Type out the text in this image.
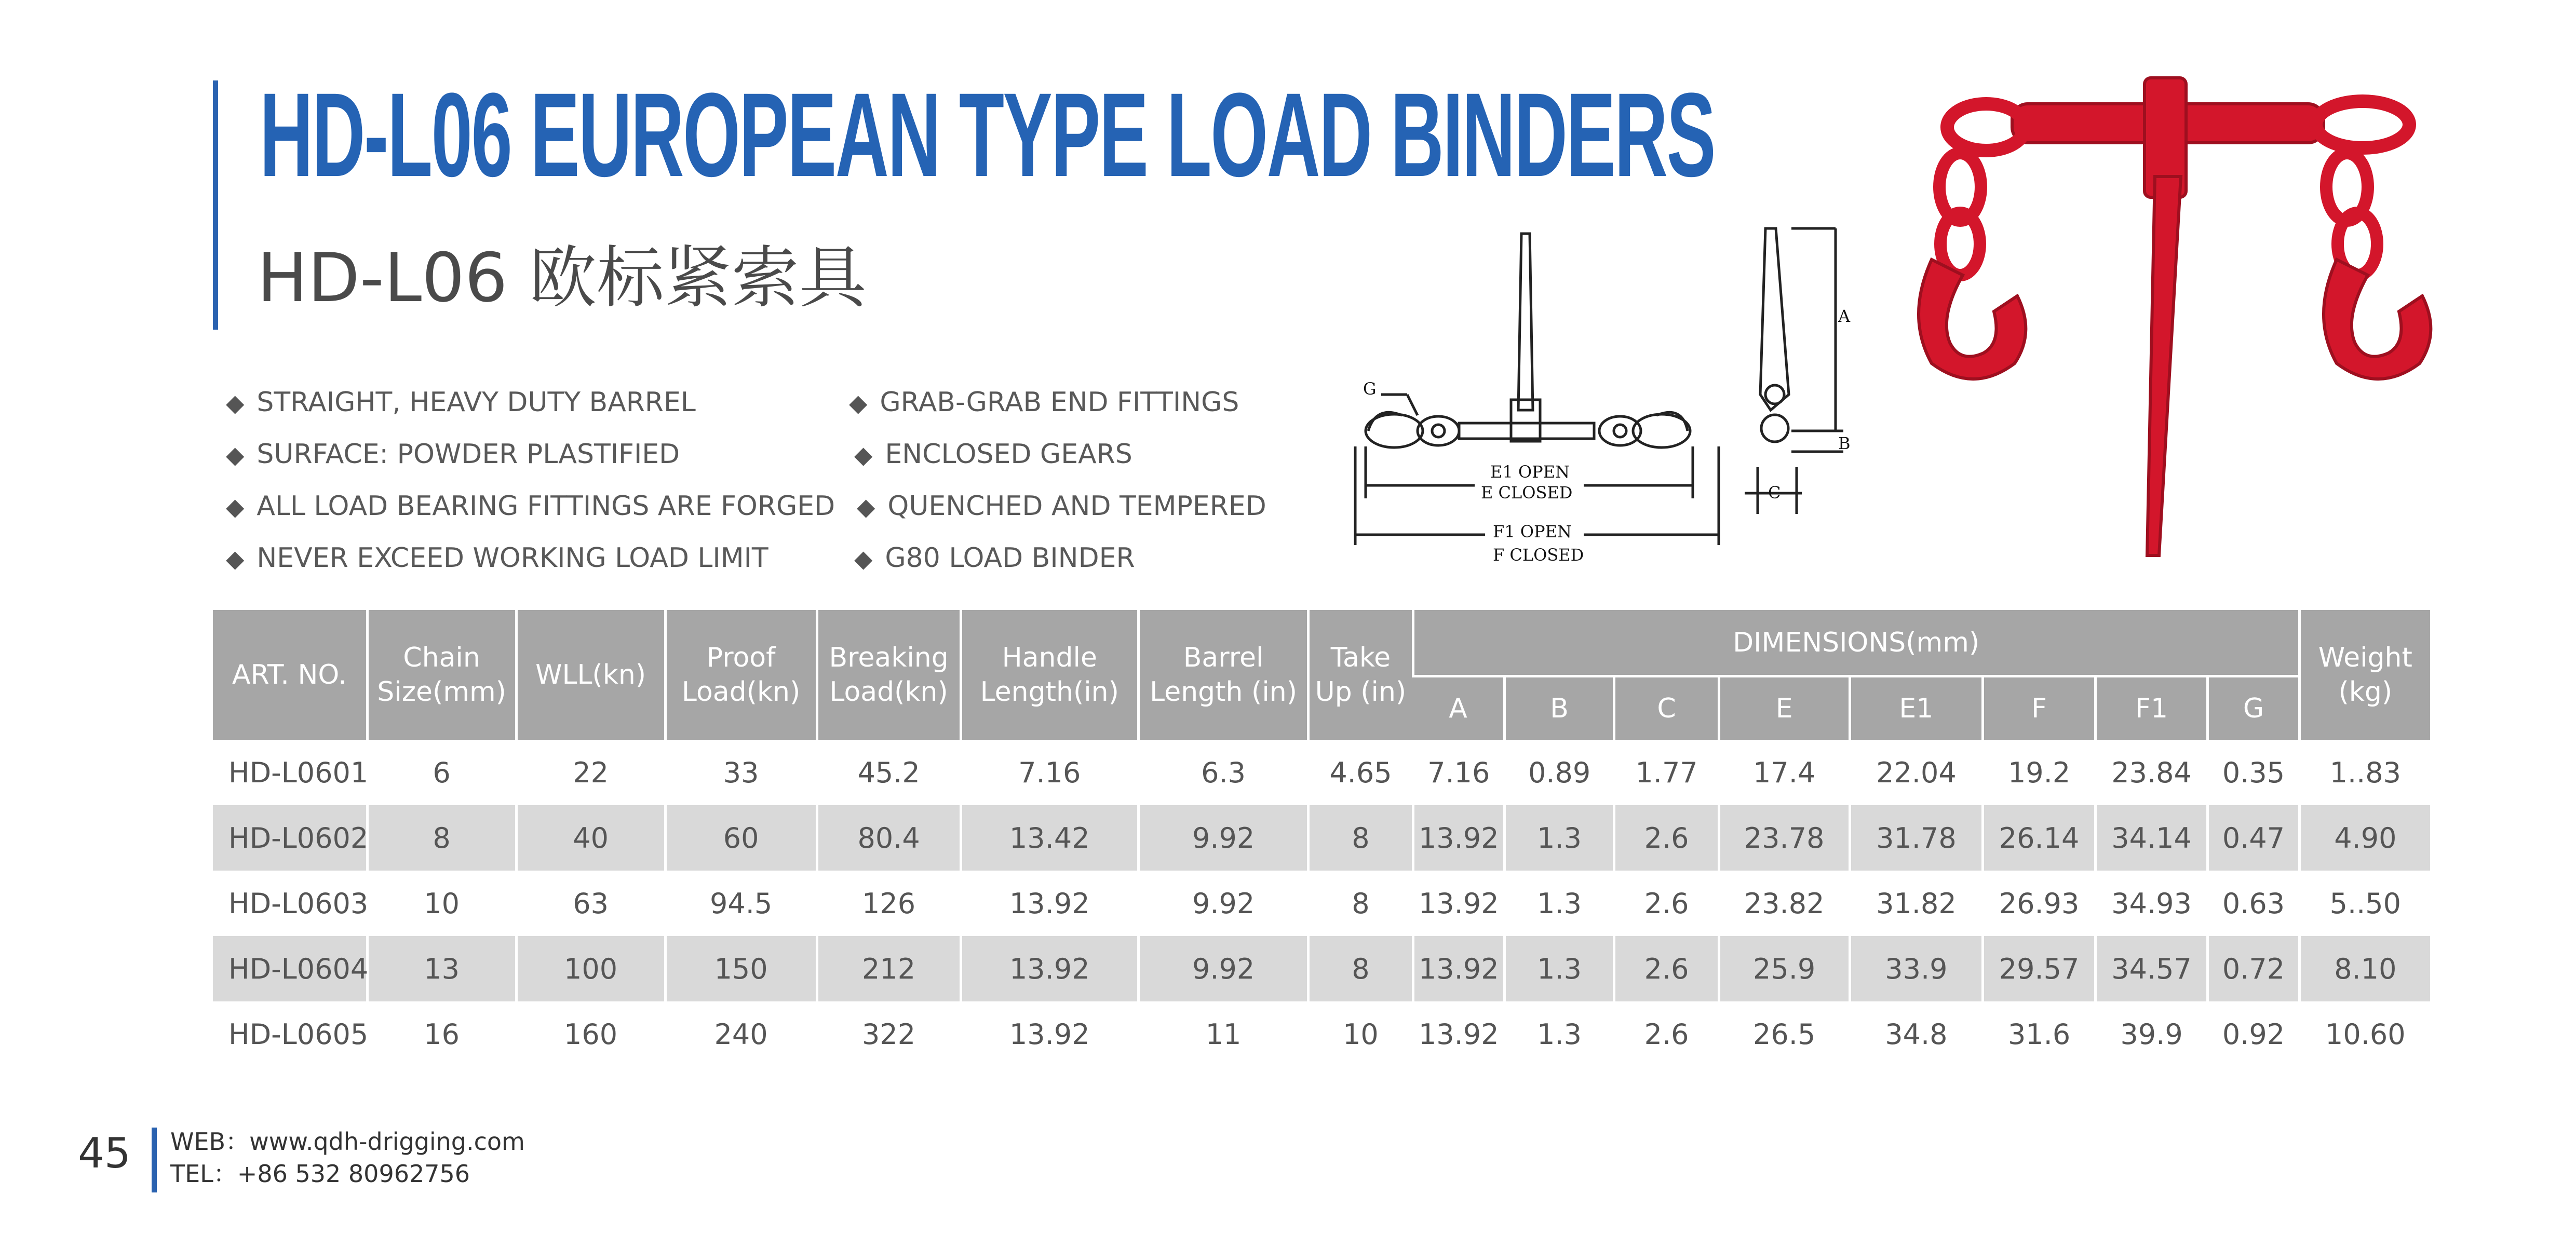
HD-L06 EUROPEAN TYPE LOAD BINDERS
HD-L06 欧标紧索具
◆ STRAIGHT, HEAVY DUTY BARREL
◆ SURFACE: POWDER PLASTIFIED
◆ ALL LOAD BEARING FITTINGS ARE FORGED
◆ NEVER EXCEED WORKING LOAD LIMIT
◆ GRAB-GRAB END FITTINGS
◆ ENCLOSED GEARS
◆ QUENCHED AND TEMPERED
◆ G80 LOAD BINDER
G
A
B
C
E1 OPEN
E CLOSED
F1 OPEN
F CLOSED
ART. NO.	Chain Size(mm)	WLL(kn)	Proof Load(kn)	Breaking Load(kn)	Handle Length(in)	Barrel Length (in)	Take Up (in)	DIMENSIONS(mm)								Weight (kg)
								A	B	C	E	E1	F	F1	G	
HD-L0601	6	22	33	45.2	7.16	6.3	4.65	7.16	0.89	1.77	17.4	22.04	19.2	23.84	0.35	1..83
HD-L0602	8	40	60	80.4	13.42	9.92	8	13.92	1.3	2.6	23.78	31.78	26.14	34.14	0.47	4.90
HD-L0603	10	63	94.5	126	13.92	9.92	8	13.92	1.3	2.6	23.82	31.82	26.93	34.93	0.63	5..50
HD-L0604	13	100	150	212	13.92	9.92	8	13.92	1.3	2.6	25.9	33.9	29.57	34.57	0.72	8.10
HD-L0605	16	160	240	322	13.92	11	10	13.92	1.3	2.6	26.5	34.8	31.6	39.9	0.92	10.60
45 WEB：www.qdh-drigging.com
TEL：+86 532 80962756
